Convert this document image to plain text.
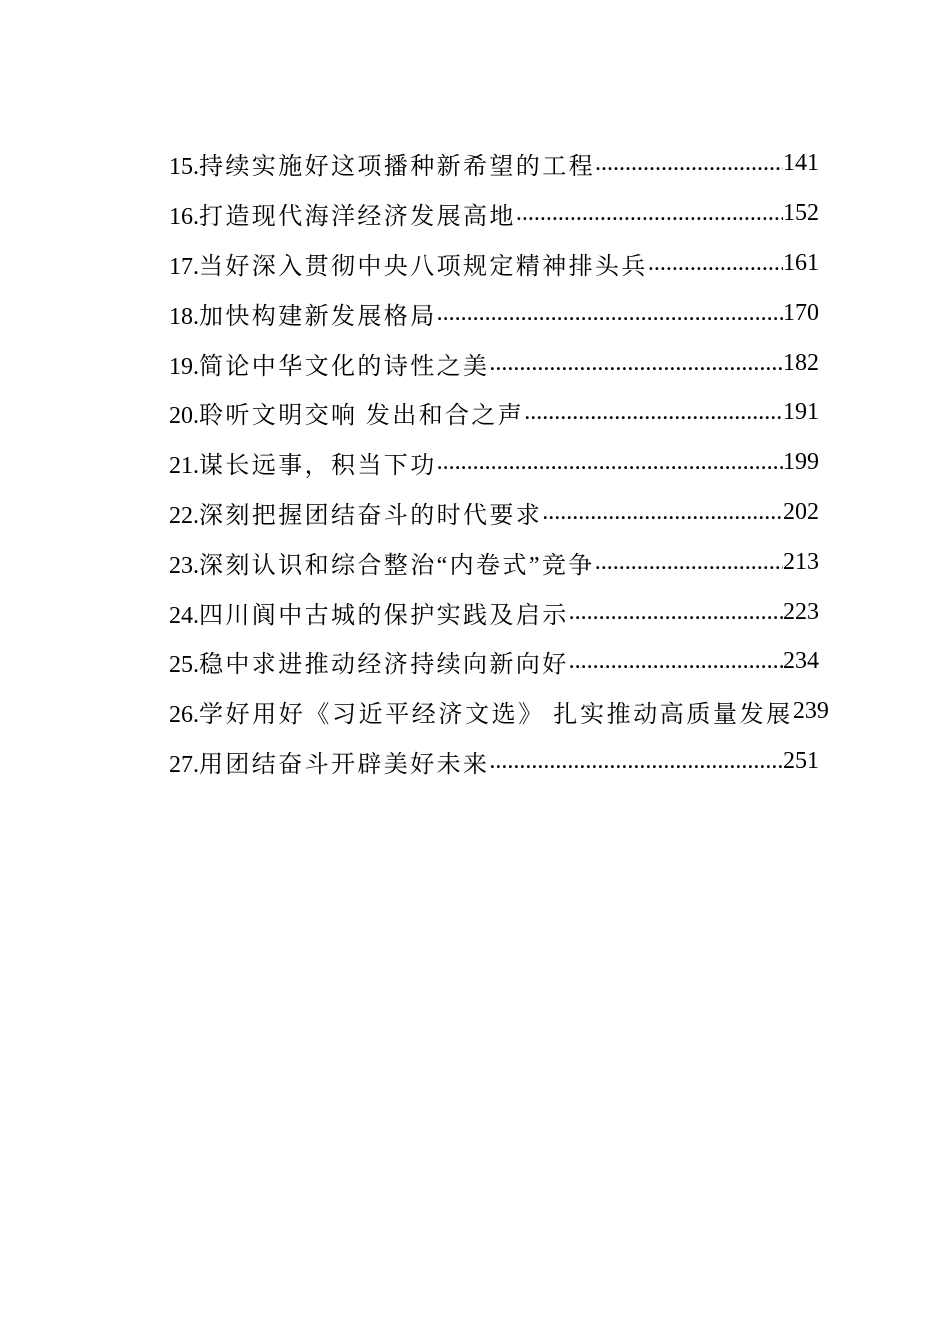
15.持续实施好这项播种新希望的工程 .....	141
16.打造现代海洋经济发展高地 .....	152
17.当好深入贯彻中央八项规定精神排头兵 .....	161
18.加快构建新发展格局 .....	170
19.简论中华文化的诗性之美 .....	182
20.聆听文明交响 发出和合之声 .....	191
21.谋长远事，积当下功 .....	199
22.深刻把握团结奋斗的时代要求 .....	202
23.深刻认识和综合整治“内卷式”竞争 .....	213
24.四川阆中古城的保护实践及启示 .....	223
25.稳中求进推动经济持续向新向好 .....	234
26.学好用好《习近平经济文选》 扎实推动高质量发展 239
27.用团结奋斗开辟美好未来 .....	251
